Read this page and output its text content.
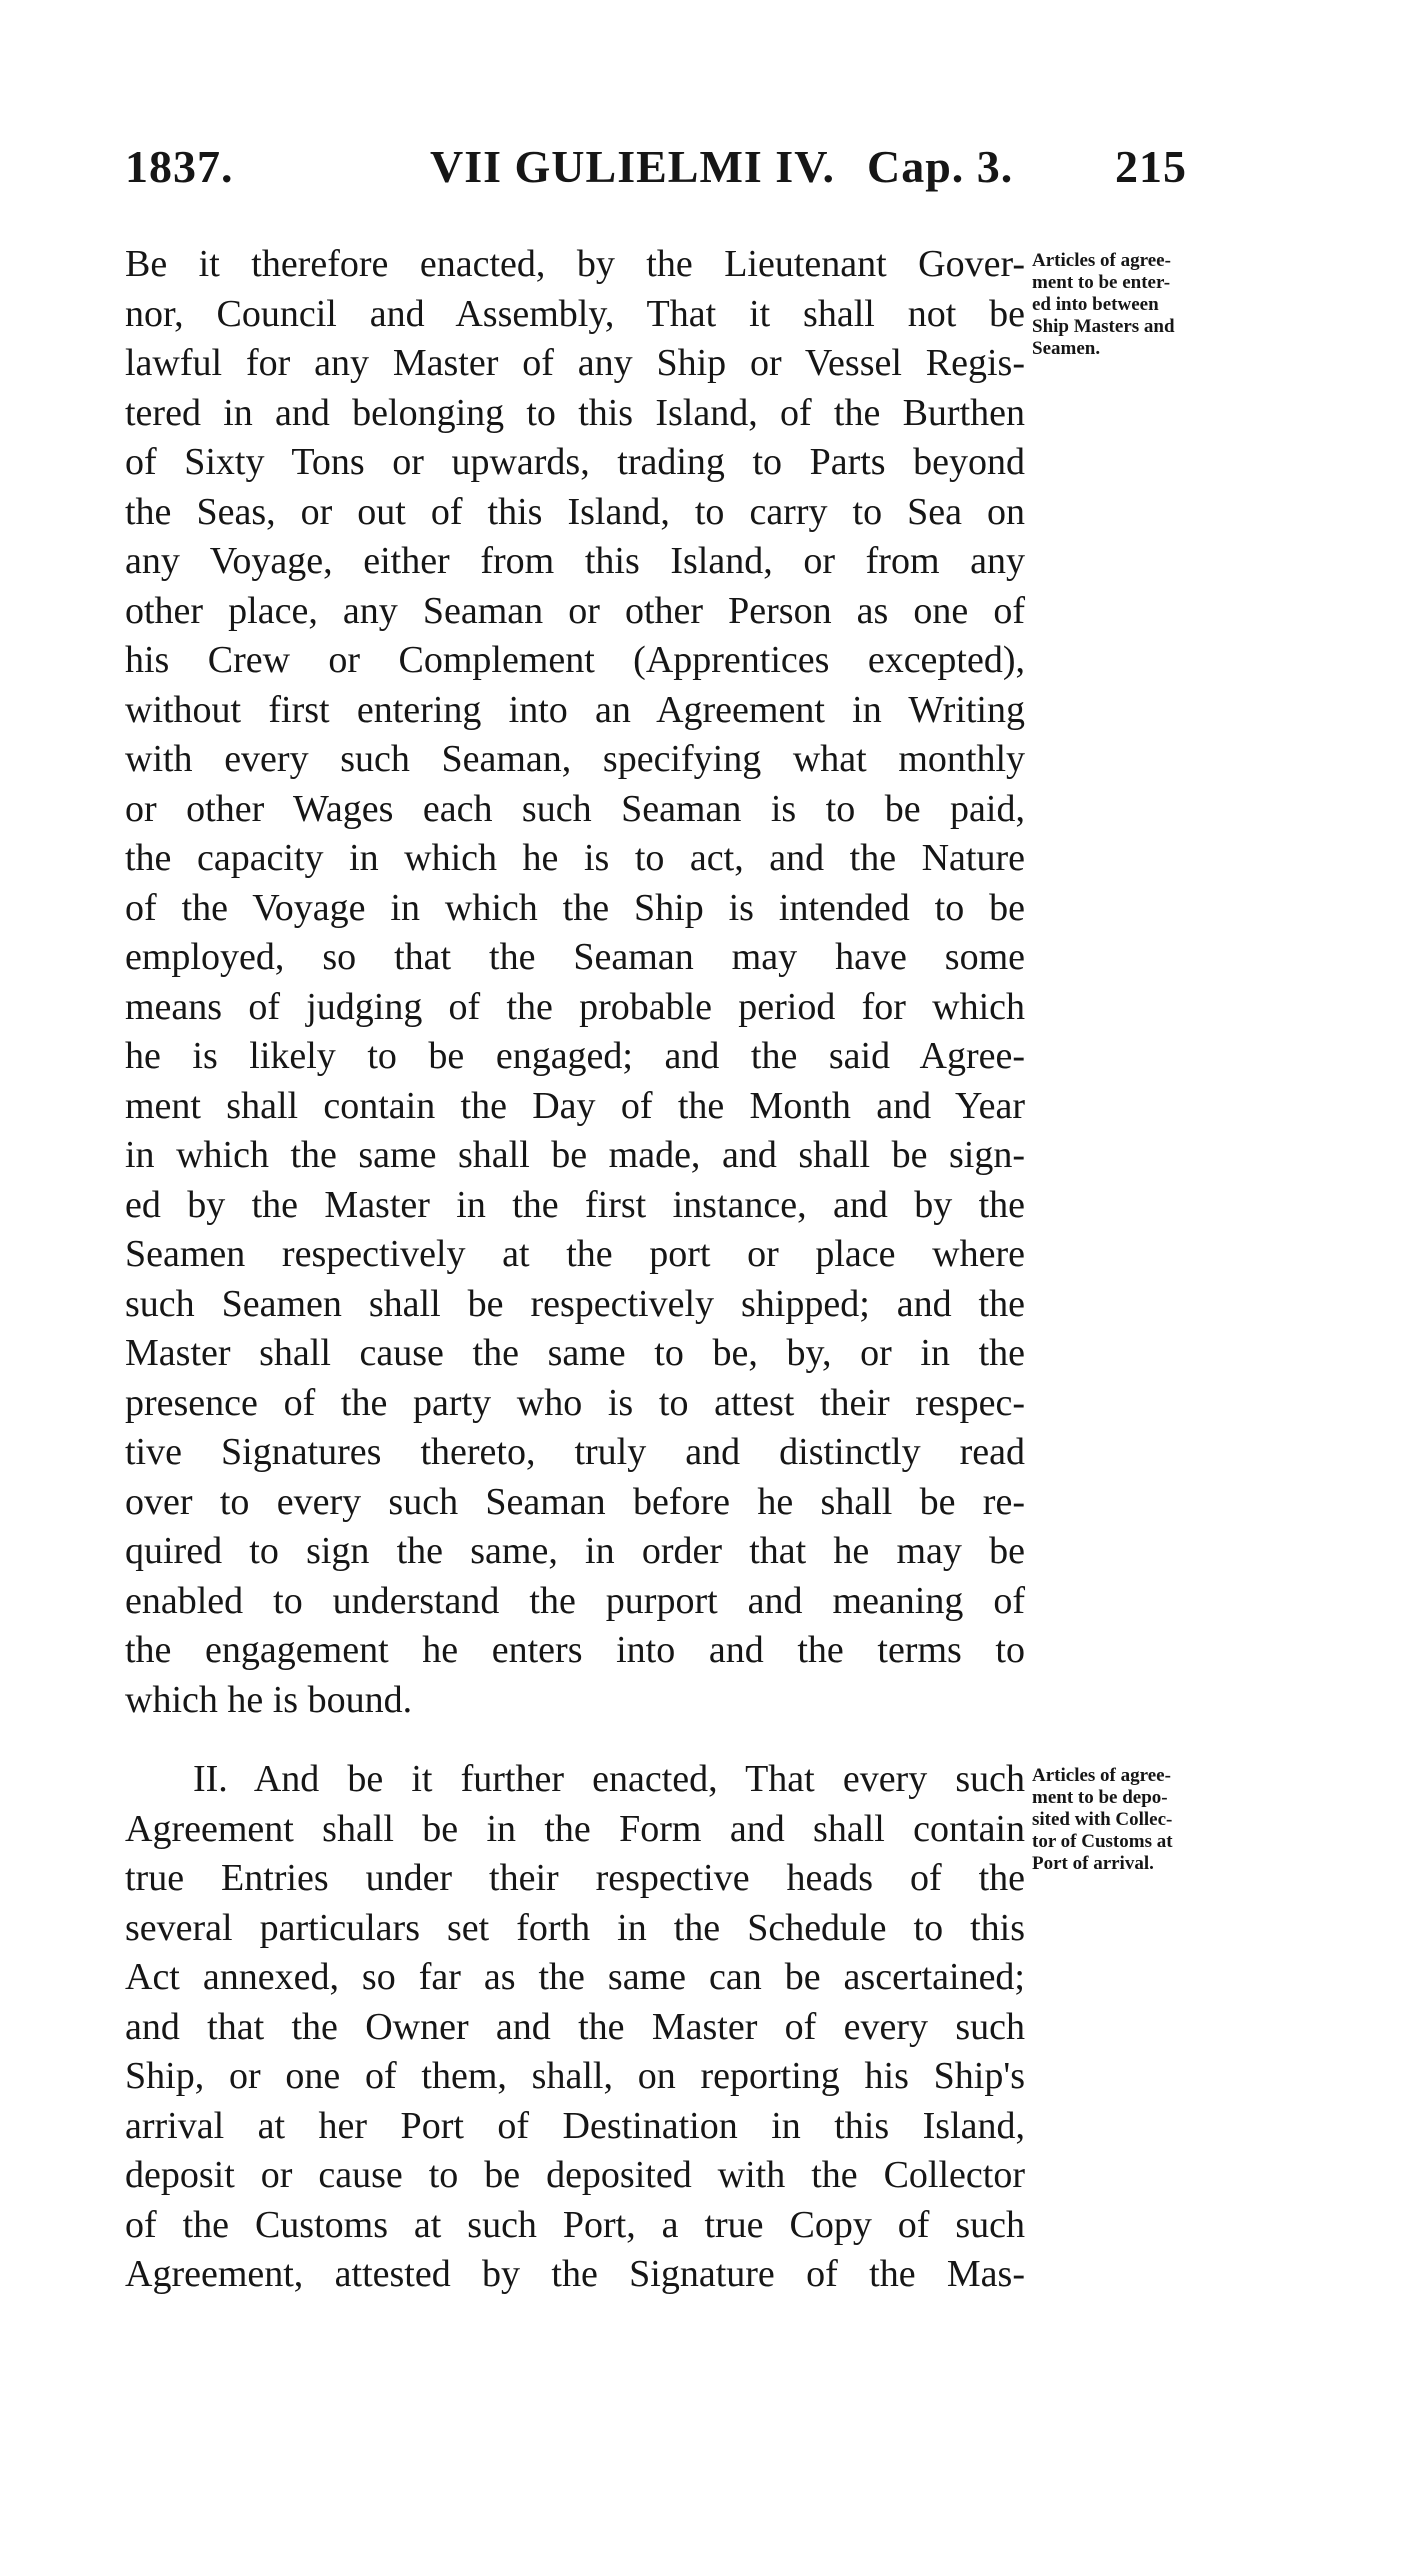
1837.	VII GULIELMI IV. Cap. 3. 215
Be it therefore enacted, by the Lieutenant Gover-
nor, Council and Assembly, That it shall not be
lawful for any Master of any Ship or Vessel Regis-
tered in and belonging to this Island, of the Burthen
of Sixty Tons or upwards, trading to Parts beyond
the Seas, or out of this Island, to carry to Sea on
any Voyage, either from this Island, or from any
other place, any Seaman or other Person as one of
his Crew or Complement (Apprentices excepted),
without first entering into an Agreement in Writing
with every such Seaman, specifying what monthly
or other Wages each such Seaman is to be paid,
the capacity in which he is to act, and the Nature
of the Voyage in which the Ship is intended to be
employed, so that the Seaman may have some
means of judging of the probable period for which
he is likely to be engaged; and the said Agree-
ment shall contain the Day of the Month and Year
in which the same shall be made, and shall be sign-
ed by the Master in the first instance, and by the
Seamen respectively at the port or place where
such Seamen shall be respectively shipped; and the
Master shall cause the same to be, by, or in the
presence of the party who is to attest their respec-
tive Signatures thereto, truly and distinctly read
over to every such Seaman before he shall be re-
quired to sign the same, in order that he may be
enabled to understand the purport and meaning of
the engagement he enters into and the terms to
which he is bound.
Articles of agree-
ment to be enter-
ed into between
Ship Masters and
Seamen.
II. And be it further enacted, That every such
Agreement shall be in the Form and shall contain
true Entries under their respective heads of the
several particulars set forth in the Schedule to this
Act annexed, so far as the same can be ascertained;
and that the Owner and the Master of every such
Ship, or one of them, shall, on reporting his Ship's
arrival at her Port of Destination in this Island,
deposit or cause to be deposited with the Collector
of the Customs at such Port, a true Copy of such
Agreement, attested by the Signature of the Mas-
Articles of agree-
ment to be depo-
sited with Collec-
tor of Customs at
Port of arrival.
